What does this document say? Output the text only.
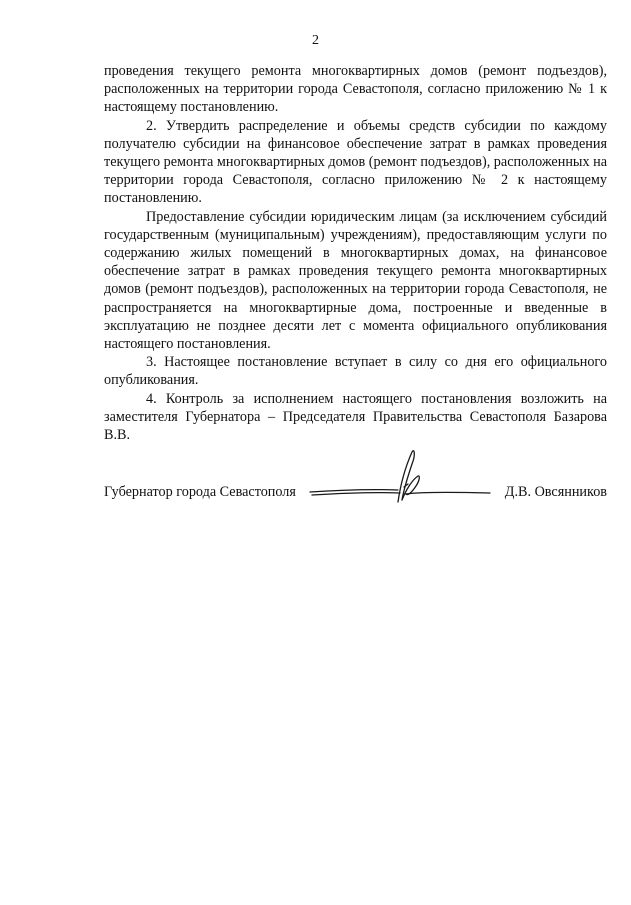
2

проведения текущего ремонта многоквартирных домов (ремонт подъездов), расположенных на территории города Севастополя, согласно приложению № 1 к настоящему постановлению.

2. Утвердить распределение и объемы средств субсидии по каждому получателю субсидии на финансовое обеспечение затрат в рамках проведения текущего ремонта многоквартирных домов (ремонт подъездов), расположенных на территории города Севастополя, согласно приложению № 2 к настоящему постановлению.

Предоставление субсидии юридическим лицам (за исключением субсидий государственным (муниципальным) учреждениям), предоставляющим услуги по содержанию жилых помещений в многоквартирных домах, на финансовое обеспечение затрат в рамках проведения текущего ремонта многоквартирных домов (ремонт подъездов), расположенных на территории города Севастополя, не распространяется на многоквартирные дома, построенные и введенные в эксплуатацию не позднее десяти лет с момента официального опубликования настоящего постановления.

3. Настоящее постановление вступает в силу со дня его официального опубликования.

4. Контроль за исполнением настоящего постановления возложить на заместителя Губернатора – Председателя Правительства Севастополя Базарова В.В.

Губернатор города Севастополя	Д.В. Овсянников
